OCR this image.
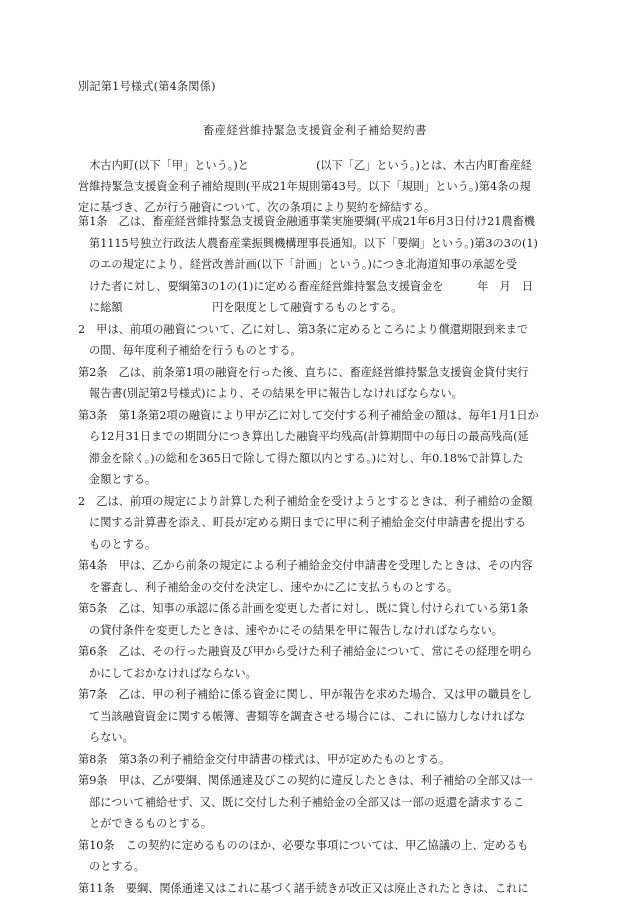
別記第1号様式(第4条関係)
畜産経営維持緊急支援資金利子補給契約書
　木古内町(以下「甲」という。)と　　　　　　(以下「乙」という。)とは、木古内町畜産経
営維持緊急支援資金利子補給規則(平成21年規則第43号。以下「規則」という。)第4条の規
定に基づき、乙が行う融資について、次の条項により契約を締結する。
第1条　乙は、畜産経営維持緊急支援資金融通事業実施要綱(平成21年6月3日付け21農畜機
第1115号独立行政法人農畜産業振興機構理事長通知。以下「要綱」という。)第3の3の(1)
のエの規定により、経営改善計画(以下「計画」という。)につき北海道知事の承認を受
けた者に対し、要綱第3の1の(1)に定める畜産経営維持緊急支援資金を　　　年　月　日
に総額　　　　　　　　円を限度として融資するものとする。
2　甲は、前項の融資について、乙に対し、第3条に定めるところにより償還期限到来まで
の間、毎年度利子補給を行うものとする。
第2条　乙は、前条第1項の融資を行った後、直ちに、畜産経営維持緊急支援資金貸付実行
報告書(別記第2号様式)により、その結果を甲に報告しなければならない。
第3条　第1条第2項の融資により甲が乙に対して交付する利子補給金の額は、毎年1月1日か
ら12月31日までの期間分につき算出した融資平均残高(計算期間中の毎日の最高残高(延
滞金を除く。)の総和を365日で除して得た額以内とする。)に対し、年0.18%で計算した
金額とする。
2　乙は、前項の規定により計算した利子補給金を受けようとするときは、利子補給の金額
に関する計算書を添え、町長が定める期日までに甲に利子補給金交付申請書を提出する
ものとする。
第4条　甲は、乙から前条の規定による利子補給金交付申請書を受理したときは、その内容
を審査し、利子補給金の交付を決定し、速やかに乙に支払うものとする。
第5条　乙は、知事の承認に係る計画を変更した者に対し、既に貸し付けられている第1条
の貸付条件を変更したときは、速やかにその結果を甲に報告しなければならない。
第6条　乙は、その行った融資及び甲から受けた利子補給金について、常にその経理を明ら
かにしておかなければならない。
第7条　乙は、甲の利子補給に係る資金に関し、甲が報告を求めた場合、又は甲の職員をし
て当該融資資金に関する帳簿、書類等を調査させる場合には、これに協力しなければな
らない。
第8条　第3条の利子補給金交付申請書の様式は、甲が定めたものとする。
第9条　甲は、乙が要綱、関係通達及びこの契約に違反したときは、利子補給の全部又は一
部について補給せず、又、既に交付した利子補給金の全部又は一部の返還を請求するこ
とができるものとする。
第10条　この契約に定めるもののほか、必要な事項については、甲乙協議の上、定めるも
のとする。
第11条　要綱、関係通達又はこれに基づく諸手続きが改正又は廃止されたときは、これに
